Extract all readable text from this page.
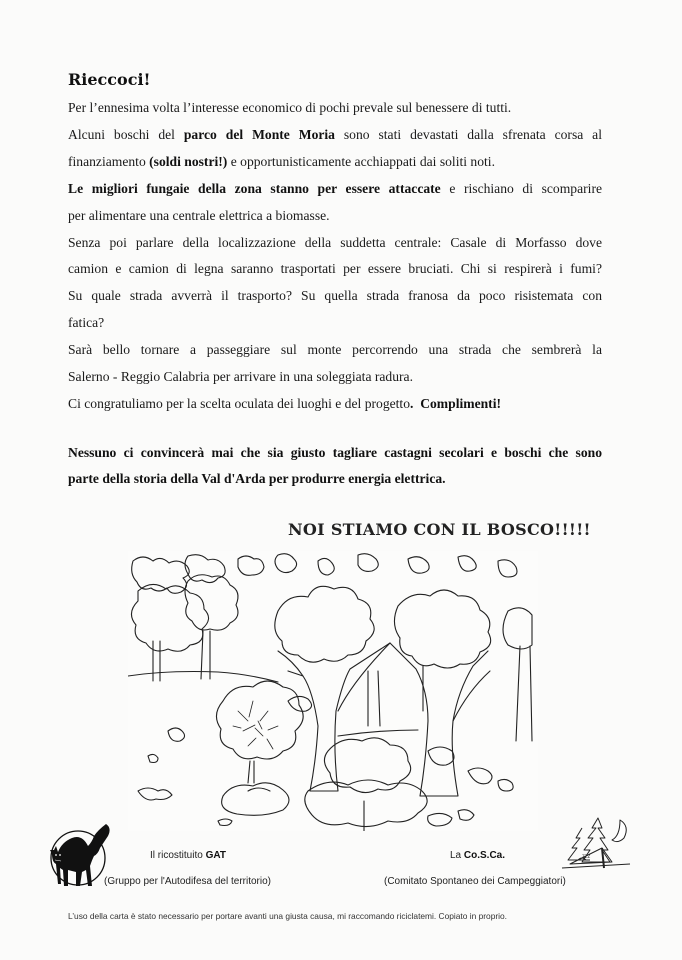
Rieccoci!
Per l’ennesima volta l’interesse economico di pochi prevale sul benessere di tutti.
Alcuni boschi del parco del Monte Moria sono stati devastati dalla sfrenata corsa al
finanziamento (soldi nostri!) e opportunisticamente acchiappati dai soliti noti.
Le migliori fungaie della zona stanno per essere attaccate e rischiano di scomparire
per alimentare una centrale elettrica a biomasse.
Senza poi parlare della localizzazione della suddetta centrale: Casale di Morfasso dove
camion e camion di legna saranno trasportati per essere bruciati. Chi si respirerà i fumi?
Su quale strada avverrà il trasporto? Su quella strada franosa da poco risistemata con
fatica?
Sarà bello tornare a passeggiare sul monte percorrendo una strada che sembrerà la
Salerno - Reggio Calabria per arrivare in una soleggiata radura.
Ci congratuliamo per la scelta oculata dei luoghi e del progetto.  Complimenti!
Nessuno ci convincerà mai che sia giusto tagliare castagni secolari e boschi che sono
parte della storia della Val d'Arda per produrre energia elettrica.
NOI STIAMO CON IL BOSCO!!!!!
ZZZ
Il ricostituito GAT
(Gruppo per l'Autodifesa del territorio)
La Co.S.Ca.
(Comitato Spontaneo dei Campeggiatori)
L’uso della carta è stato necessario per portare avanti una giusta causa, mi raccomando riciclatemi. Copiato in proprio.
